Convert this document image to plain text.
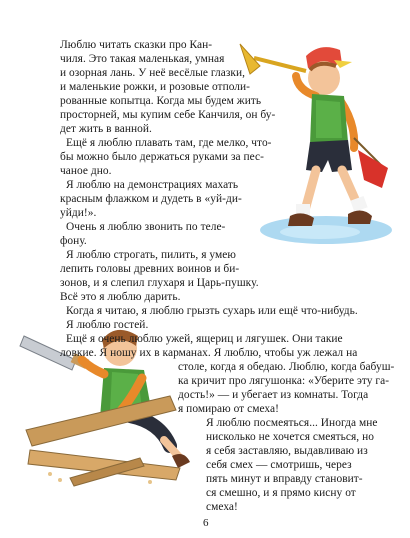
Люблю читать сказки про Кан-
чиля. Это такая маленькая, умная
и озорная лань. У неё весёлые глазки,
и маленькие рожки, и розовые отполи-
рованные копытца. Когда мы будем жить
просторней, мы купим себе Канчиля, он бу-
дет жить в ванной.
Ещё я люблю плавать там, где мелко, что-
бы можно было держаться руками за пес-
чаное дно.
Я люблю на демонстрациях махать
красным флажком и дудеть в «уй-ди-
уйди!».
Очень я люблю звонить по теле-
фону.
Я люблю строгать, пилить, я умею
лепить головы древних воинов и би-
зонов, и я слепил глухаря и Царь-пушку.
Всё это я люблю дарить.
Когда я читаю, я люблю грызть сухарь или ещё что-нибудь.
Я люблю гостей.
Ещё я очень люблю ужей, ящериц и лягушек. Они такие
ловкие. Я ношу их в карманах. Я люблю, чтобы уж лежал на
столе, когда я обедаю. Люблю, когда бабуш-
ка кричит про лягушонка: «Уберите эту га-
дость!» — и убегает из комнаты. Тогда
я помираю от смеха!
Я люблю посмеяться... Иногда мне
нисколько не хочется смеяться, но
я себя заставляю, выдавливаю из
себя смех — смотришь, через
пять минут и вправду становит-
ся смешно, и я прямо кисну от
смеха!
6
